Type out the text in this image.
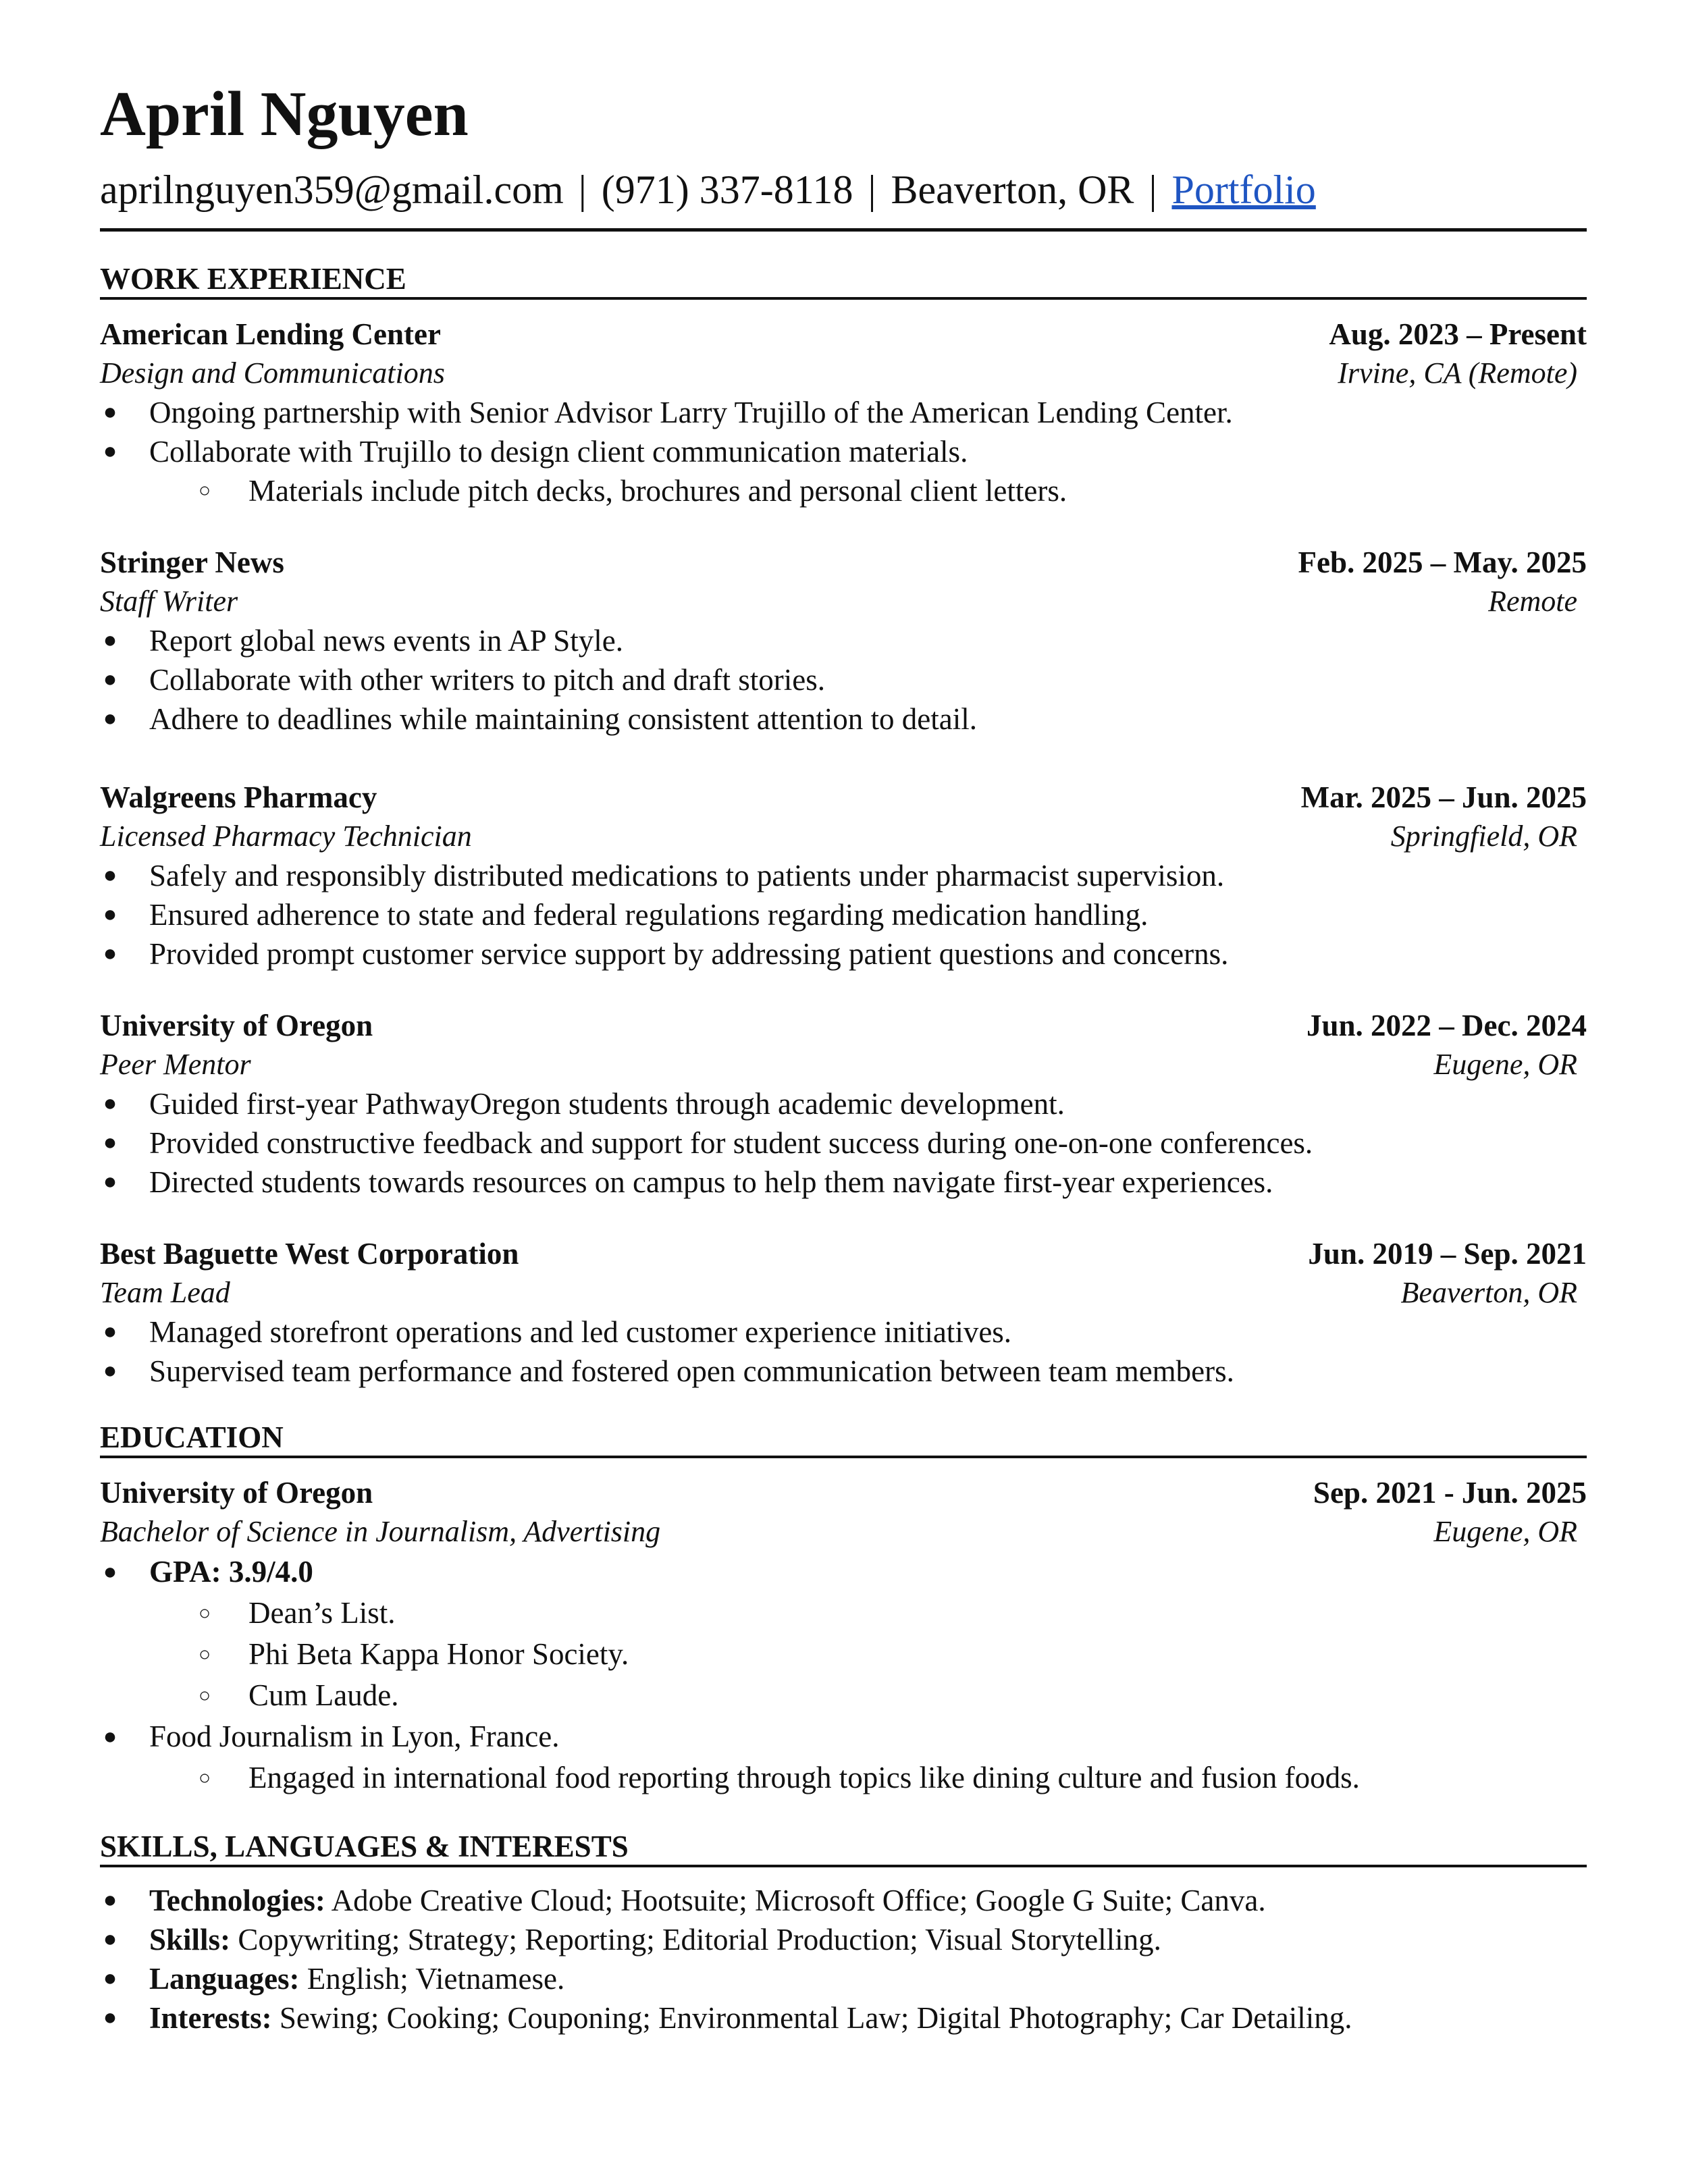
April Nguyen
aprilnguyen359@gmail.com | (971) 337-8118 | Beaverton, OR | Portfolio
WORK EXPERIENCE
American Lending Center	Aug. 2023 – Present
Design and Communications	Irvine, CA (Remote)
● Ongoing partnership with Senior Advisor Larry Trujillo of the American Lending Center.
● Collaborate with Trujillo to design client communication materials.
○ Materials include pitch decks, brochures and personal client letters.
Stringer News	Feb. 2025 – May. 2025
Staff Writer	Remote
● Report global news events in AP Style.
● Collaborate with other writers to pitch and draft stories.
● Adhere to deadlines while maintaining consistent attention to detail.
Walgreens Pharmacy	Mar. 2025 – Jun. 2025
Licensed Pharmacy Technician	Springfield, OR
● Safely and responsibly distributed medications to patients under pharmacist supervision.
● Ensured adherence to state and federal regulations regarding medication handling.
● Provided prompt customer service support by addressing patient questions and concerns.
University of Oregon	Jun. 2022 – Dec. 2024
Peer Mentor	Eugene, OR
● Guided first-year PathwayOregon students through academic development.
● Provided constructive feedback and support for student success during one-on-one conferences.
● Directed students towards resources on campus to help them navigate first-year experiences.
Best Baguette West Corporation	Jun. 2019 – Sep. 2021
Team Lead	Beaverton, OR
● Managed storefront operations and led customer experience initiatives.
● Supervised team performance and fostered open communication between team members.
EDUCATION
University of Oregon	Sep. 2021 - Jun. 2025
Bachelor of Science in Journalism, Advertising	Eugene, OR
● GPA: 3.9/4.0
○ Dean’s List.
○ Phi Beta Kappa Honor Society.
○ Cum Laude.
● Food Journalism in Lyon, France.
○ Engaged in international food reporting through topics like dining culture and fusion foods.
SKILLS, LANGUAGES & INTERESTS
● Technologies: Adobe Creative Cloud; Hootsuite; Microsoft Office; Google G Suite; Canva.
● Skills: Copywriting; Strategy; Reporting; Editorial Production; Visual Storytelling.
● Languages: English; Vietnamese.
● Interests: Sewing; Cooking; Couponing; Environmental Law; Digital Photography; Car Detailing.
